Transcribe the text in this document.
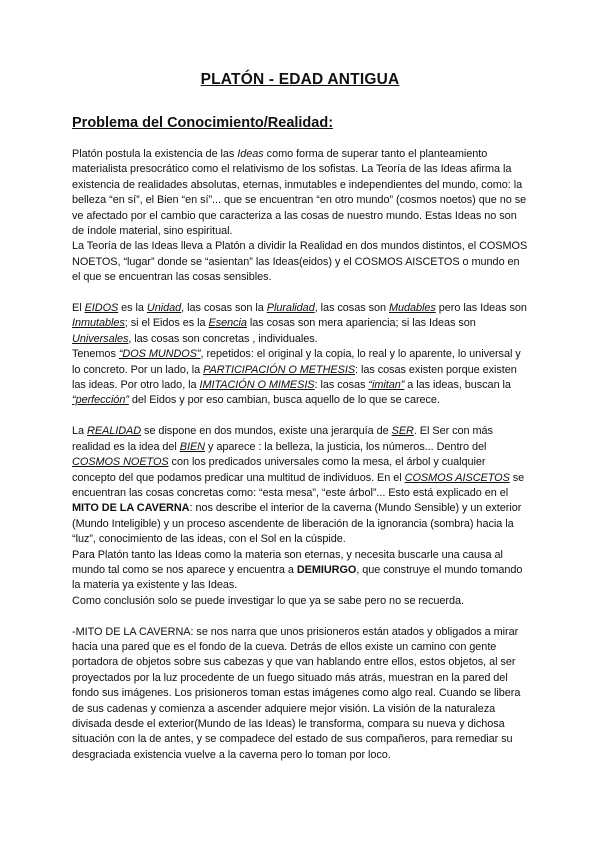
PLATÓN - EDAD ANTIGUA
Problema del Conocimiento/Realidad:

Platón postula la existencia de las Ideas como forma de superar tanto el planteamiento materialista presocrático como el relativismo de los sofistas. La Teoría de las Ideas afirma la existencia de realidades absolutas, eternas, inmutables e independientes del mundo, como: la belleza “en sí”, el Bien “en sí”... que se encuentran “en otro mundo” (cosmos noetos) que no se ve afectado por el cambio que caracteriza a las cosas de nuestro mundo. Estas Ideas no son de índole material, sino espiritual.

La Teoría de las Ideas lleva a Platón a dividir la Realidad en dos mundos distintos, el COSMOS NOETOS, “lugar” donde se “asientan” las Ideas(eidos) y el COSMOS AISCETOS o mundo en el que se encuentran las cosas sensibles.

El EIDOS es la Unidad, las cosas son la Pluralidad, las cosas son Mudables pero las Ideas son Inmutables; si el Eidos es la Esencia las cosas son mera apariencia; si las Ideas son Universales, las cosas son concretas , individuales.

Tenemos “DOS MUNDOS”, repetidos: el original y la copia, lo real y lo aparente, lo universal y lo concreto. Por un lado, la PARTICIPACIÓN O METHESIS: las cosas existen porque existen las ideas. Por otro lado, la IMITACIÓN O MIMESIS: las cosas “imitan” a las ideas, buscan la “perfección” del Eidos y por eso cambian, busca aquello de lo que se carece.

La REALIDAD se dispone en dos mundos, existe una jerarquía de SER. El Ser con más realidad es la idea del BIEN y aparece : la belleza, la justicia, los números... Dentro del COSMOS NOETOS con los predicados universales como la mesa, el árbol y cualquier concepto del que podamos predicar una multitud de individuos. En el COSMOS AISCETOS se encuentran las cosas concretas como: “esta mesa”, “este árbol”... Esto está explicado en el MITO DE LA CAVERNA: nos describe el interior de la caverna (Mundo Sensible) y un exterior (Mundo Inteligible) y un proceso ascendente de liberación de la ignorancia (sombra) hacia la “luz”, conocimiento de las ideas, con el Sol en la cúspide.

Para Platón tanto las Ideas como la materia son eternas, y necesita buscarle una causa al mundo tal como se nos aparece y encuentra a DEMIURGO, que construye el mundo tomando la materia ya existente y las Ideas.

Como conclusión solo se puede investigar lo que ya se sabe pero no se recuerda.

-MITO DE LA CAVERNA: se nos narra que unos prisioneros están atados y obligados a mirar hacia una pared que es el fondo de la cueva. Detrás de ellos existe un camino con gente portadora de objetos sobre sus cabezas y que van hablando entre ellos, estos objetos, al ser proyectados por la luz procedente de un fuego situado más atrás, muestran en la pared del fondo sus imágenes. Los prisioneros toman estas imágenes como algo real. Cuando se libera de sus cadenas y comienza a ascender adquiere mejor visión. La visión de la naturaleza divisada desde el exterior(Mundo de las Ideas) le transforma, compara su nueva y dichosa situación con la de antes, y se compadece del estado de sus compañeros, para remediar su desgraciada existencia vuelve a la caverna pero lo toman por loco.
